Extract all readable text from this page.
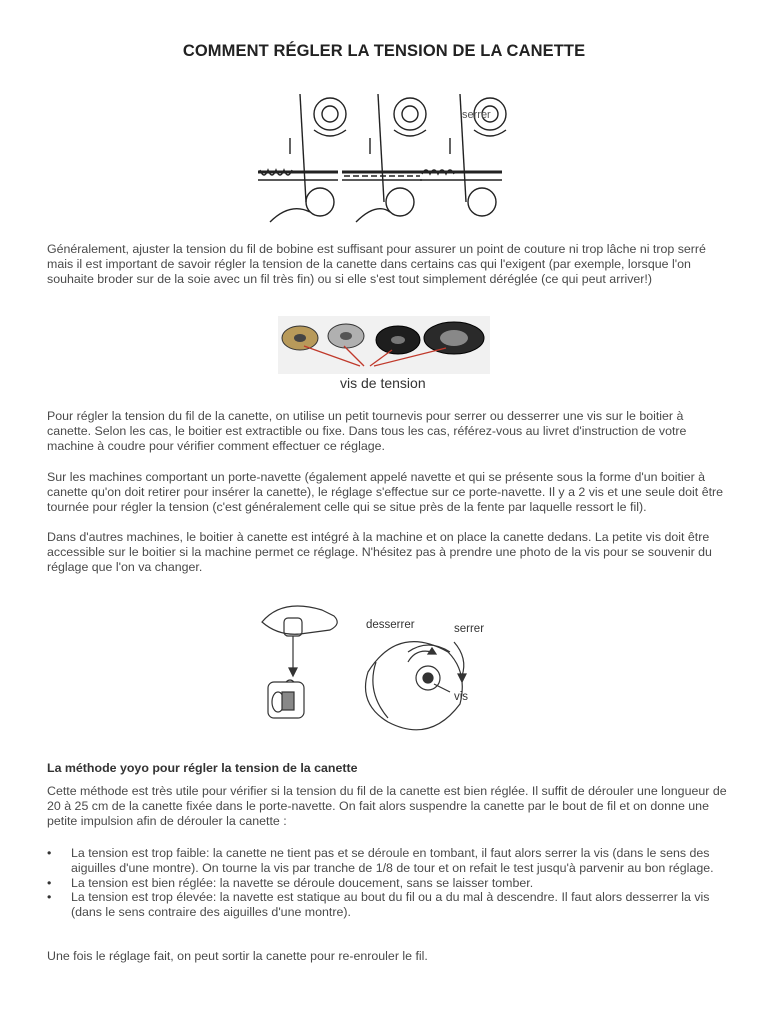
COMMENT RÉGLER LA TENSION DE LA CANETTE
serrer

Généralement, ajuster la tension du fil de bobine est suffisant pour assurer un point de couture ni trop lâche ni trop serré mais il est important de savoir régler la tension de la canette dans certains cas qui l'exigent (par exemple, lorsque l'on souhaite broder sur de la soie avec un fil très fin) ou si elle s'est tout simplement déréglée (ce qui peut arriver!)

vis de tension

Pour régler la tension du fil de la canette, on utilise un petit tournevis pour serrer ou desserrer une vis sur le boitier à canette. Selon les cas, le boitier est extractible ou fixe. Dans tous les cas, référez-vous au livret d'instruction de votre machine à coudre pour vérifier comment effectuer ce réglage.

Sur les machines comportant un porte-navette (également appelé navette et qui se présente sous la forme d'un boitier à canette qu'on doit retirer pour insérer la canette), le réglage s'effectue sur ce porte-navette. Il y a 2 vis et une seule doit être tournée pour régler la tension (c'est généralement celle qui se situe près de la fente par laquelle ressort le fil).

Dans d'autres machines, le boitier à canette est intégré à la machine et on place la canette dedans. La petite vis doit être accessible sur le boitier si la machine permet ce réglage. N'hésitez pas à prendre une photo de la vis pour se souvenir du réglage que l'on va changer.

desserrer	serrer
vis

La méthode yoyo pour régler la tension de la canette

Cette méthode est très utile pour vérifier si la tension du fil de la canette est bien réglée. Il suffit de dérouler une longueur de 20 à 25 cm de la canette fixée dans le porte-navette. On fait alors suspendre la canette par le bout de fil et on donne une petite impulsion afin de dérouler la canette :

•	La tension est trop faible: la canette ne tient pas et se déroule en tombant, il faut alors serrer la vis (dans le sens des aiguilles d'une montre). On tourne la vis par tranche de 1/8 de tour et on refait le test jusqu'à parvenir au bon réglage.
•	La tension est bien réglée: la navette se déroule doucement, sans se laisser tomber.
•	La tension est trop élevée: la navette est statique au bout du fil ou a du mal à descendre. Il faut alors desserrer la vis (dans le sens contraire des aiguilles d'une montre).

Une fois le réglage fait, on peut sortir la canette pour re-enrouler le fil.
